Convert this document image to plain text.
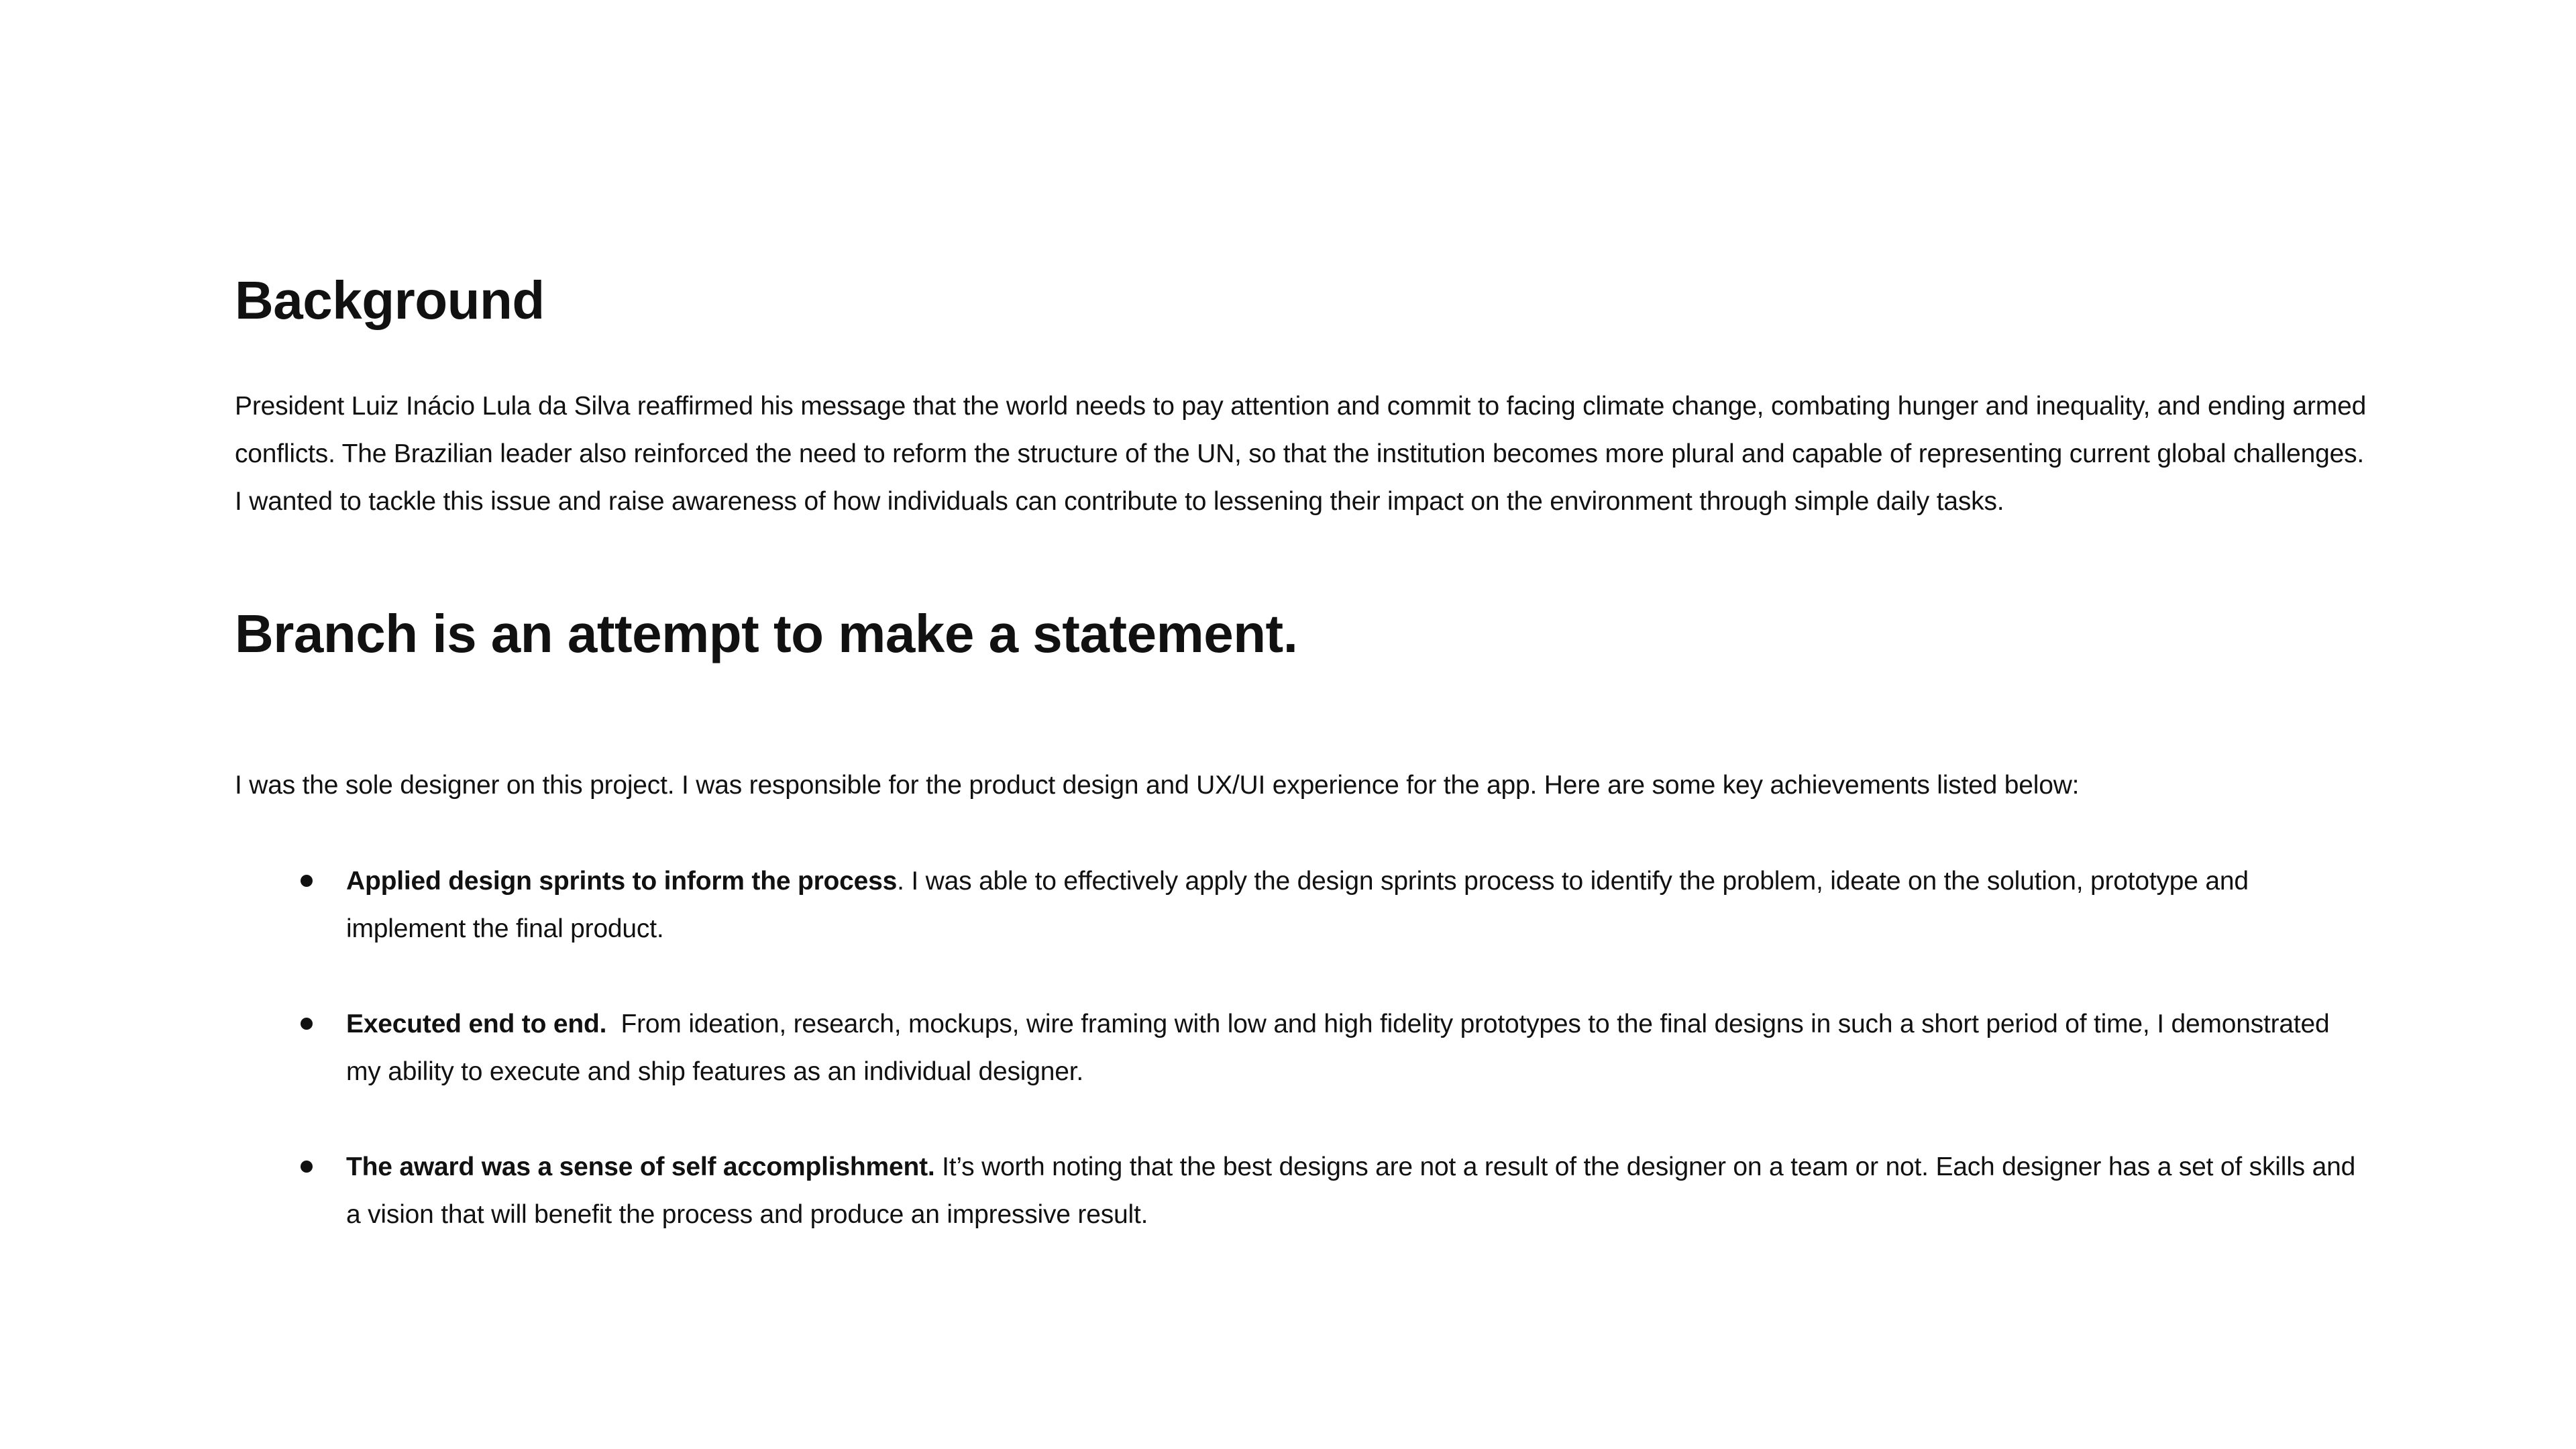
Background

President Luiz Inácio Lula da Silva reaffirmed his message that the world needs to pay attention and commit to facing climate change, combating hunger and inequality, and ending armed conflicts. The Brazilian leader also reinforced the need to reform the structure of the UN, so that the institution becomes more plural and capable of representing current global challenges. I wanted to tackle this issue and raise awareness of how individuals can contribute to lessening their impact on the environment through simple daily tasks.

Branch is an attempt to make a statement.

I was the sole designer on this project. I was responsible for the product design and UX/UI experience for the app. Here are some key achievements listed below:

Applied design sprints to inform the process. I was able to effectively apply the design sprints process to identify the problem, ideate on the solution, prototype and implement the final product.
Executed end to end.  From ideation, research, mockups, wire framing with low and high fidelity prototypes to the final designs in such a short period of time, I demonstrated my ability to execute and ship features as an individual designer.
The award was a sense of self accomplishment. It’s worth noting that the best designs are not a result of the designer on a team or not. Each designer has a set of skills and a vision that will benefit the process and produce an impressive result.
